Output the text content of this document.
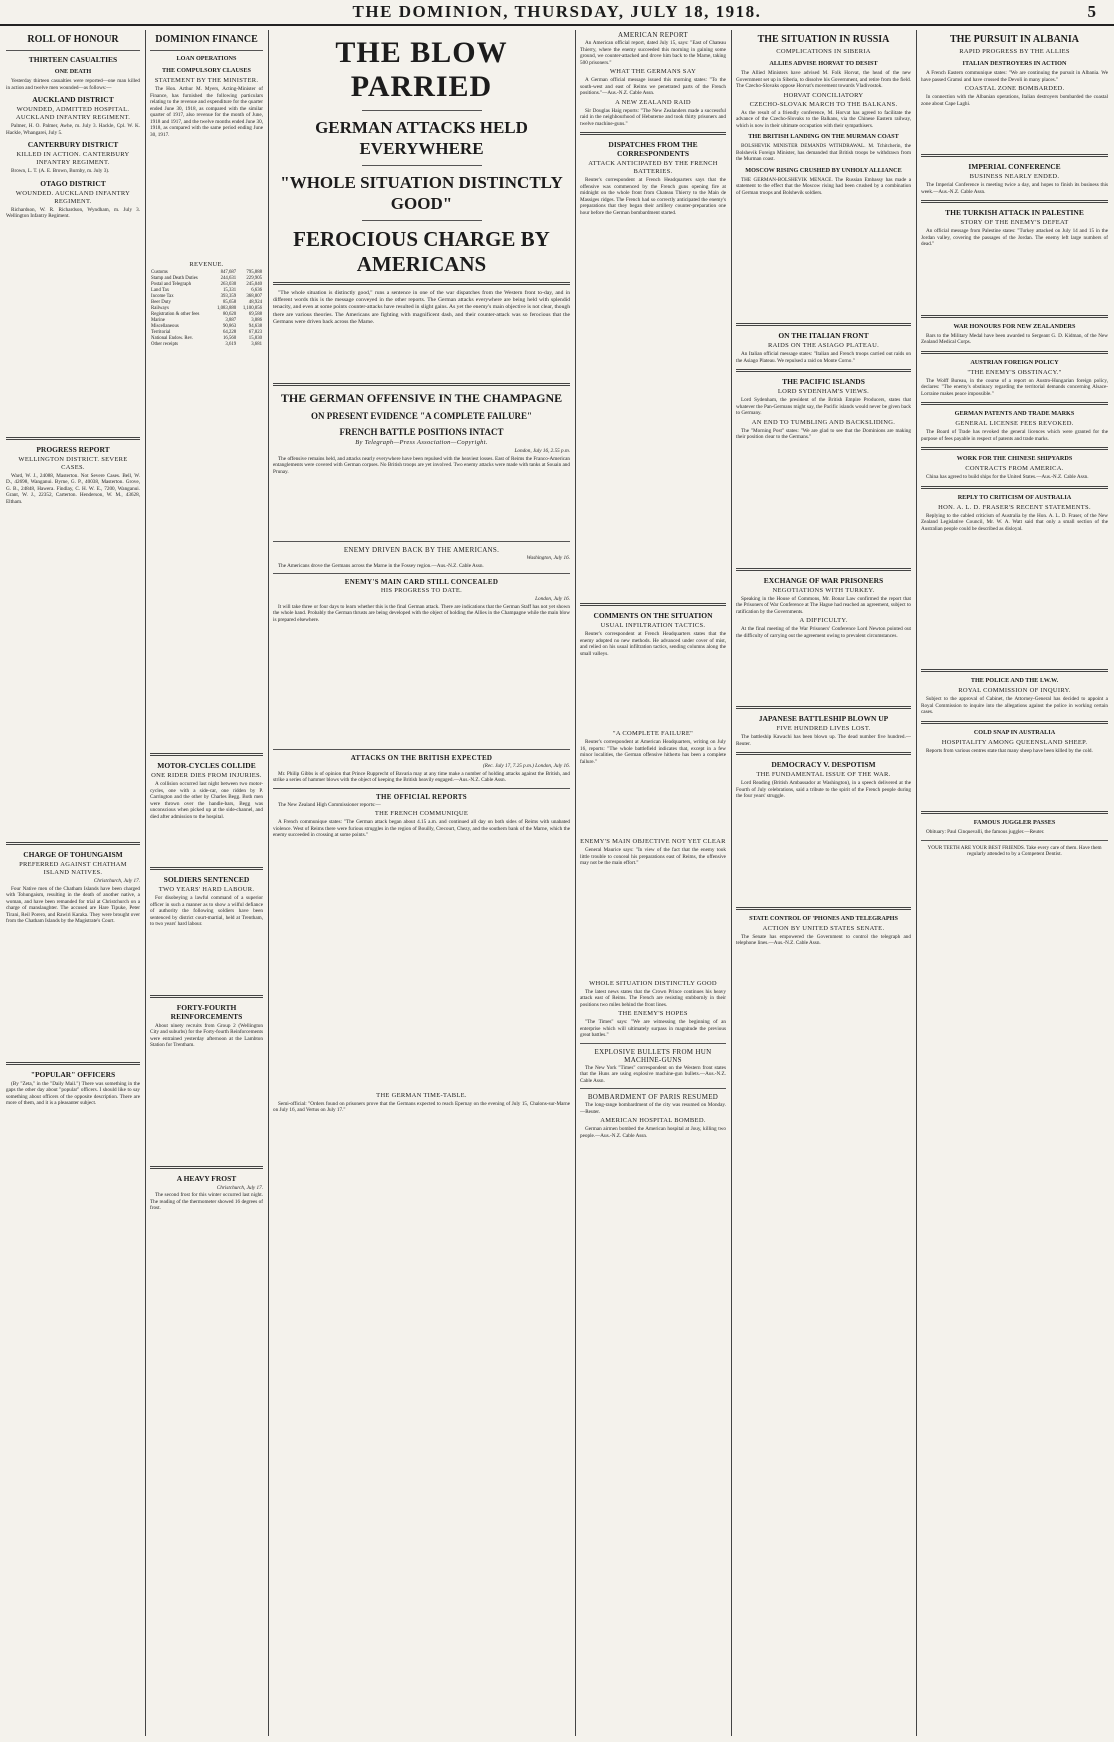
THE DOMINION, THURSDAY, JULY 18, 1918.	5
ROLL OF HONOUR
THIRTEEN CASUALTIES
ONE DEATH

Yesterday thirteen casualties were reported—one man killed in action and twelve men wounded—as follows:—

AUCKLAND DISTRICT
WOUNDED, ADMITTED HOSPITAL. AUCKLAND INFANTRY REGIMENT.

Palmer, H. O. Palmer, Awhe, m. July 3. Hackle, Cpl. W. K. Hackle, Whangarei, July 5.

CANTERBURY DISTRICT
KILLED IN ACTION. CANTERBURY INFANTRY REGIMENT.

Brown, L. T. (A. E. Brown, Burnby, m. July 3).

OTAGO DISTRICT
WOUNDED. AUCKLAND INFANTRY REGIMENT.

Richardson, W. R. Richardson, Wyndham, m. July 3. Wellington Infantry Regiment.

PROGRESS REPORT
WELLINGTON DISTRICT. SEVERE CASES.

Ward, W. J., 24088, Masterton. Not Severe Cases. Bell, W. D., 42698, Wanganui. Byrne, G. P., 40038, Masterton. Grove, G. B., 24848, Hawera. Findlay, C. H. W. E., 7200, Wanganui. Grant, W. J., 22352, Carterton. Henderson, W. M., 43628, Eltham.

CHARGE OF TOHUNGAISM
PREFERRED AGAINST CHATHAM ISLAND NATIVES.
Christchurch, July 17.

Four Native men of the Chatham Islands have been charged with Tohungaism, resulting in the death of another native, a woman, and have been remanded for trial at Christchurch on a charge of manslaughter. The accused are Hare Tipuke, Peter Tirani, Reil Porero, and Rawiri Karaka. They were brought over from the Chatham Islands by the Magistrate's Court.

"POPULAR" OFFICERS

(By "Zeta," in the "Daily Mail.") There was something in the gaps the other day about "popular" officers. I should like to say something about officers of the opposite description. There are more of them, and it is a pleasanter subject.

DOMINION FINANCE
LOAN OPERATIONS
THE COMPULSORY CLAUSES
STATEMENT BY THE MINISTER.

The Hon. Arthur M. Myers, Acting-Minister of Finance, has furnished the following particulars relating to the revenue and expenditure for the quarter ended June 30, 1918, as compared with the similar quarter of 1917, also revenue for the month of June, 1918 and 1917, and the twelve months ended June 30, 1918, as compared with the same period ending June 30, 1917.

REVENUE.
Customs	847,687	795,888
Stamp and Death Duties	244,631	229,905
Postal and Telegraph	263,030	245,040
Land Tax	15,331	6,636
Income Tax	393,359	368,807
Beer Duty	85,658	48,924
Railways	1,083,880	1,100,856
Registration & other fees	80,620	69,588
Marine	3,887	3,886
Miscellaneous	90,863	94,638
Territorial	64,228	67,823
National Endow. Rev.	16,560	15,830
Other receipts	3,619	3,681
MOTOR-CYCLES COLLIDE
ONE RIDER DIES FROM INJURIES.

A collision occurred last night between two motor-cycles, one with a side-car, one ridden by P. Carrington and the other by Charles Begg. Both men were thrown over the handle-bars, Begg was unconscious when picked up at the side-channel, and died after admission to the hospital.

SOLDIERS SENTENCED
TWO YEARS' HARD LABOUR.

For disobeying a lawful command of a superior officer in such a manner as to show a wilful defiance of authority the following soldiers have been sentenced by district court-martial, held at Trentham, to two years' hard labour.

FORTY-FOURTH REINFORCEMENTS

About ninety recruits from Group 2 (Wellington City and suburbs) for the Forty-fourth Reinforcements were entrained yesterday afternoon at the Lambton Station for Trentham.

A HEAVY FROST
Christchurch, July 17.

The second frost for this winter occurred last night. The reading of the thermometer showed 16 degrees of frost.

THE BLOW PARRIED
GERMAN ATTACKS HELD EVERYWHERE
"WHOLE SITUATION DISTINCTLY GOOD"
FEROCIOUS CHARGE BY AMERICANS

"The whole situation is distinctly good," runs a sentence in one of the war dispatches from the Western front to-day, and in different words this is the message conveyed in the other reports. The German attacks everywhere are being held with splendid tenacity, and even at some points counter-attacks have resulted in slight gains. As yet the enemy's main objective is not clear, though there are various theories. The Americans are fighting with magnificent dash, and their counter-attack was so ferocious that the Germans were driven back across the Marne.

THE GERMAN OFFENSIVE IN THE CHAMPAGNE
ON PRESENT EVIDENCE "A COMPLETE FAILURE"
FRENCH BATTLE POSITIONS INTACT
By Telegraph—Press Association—Copyright.
London, July 16, 2.55 p.m.

The offensive remains held, and attacks nearly everywhere have been repulsed with the heaviest losses. East of Reims the Franco-American entanglements were covered with German corpses. No British troops are yet involved. Two enemy attacks were made with tanks at Souain and Prunay.

ENEMY DRIVEN BACK BY THE AMERICANS.
Washington, July 16.

The Americans drove the Germans across the Marne in the Fossey region.—Aus.-N.Z. Cable Assn.

ENEMY'S MAIN CARD STILL CONCEALED
HIS PROGRESS TO DATE.
London, July 16.

It will take three or four days to learn whether this is the final German attack. There are indications that the German Staff has not yet shown the whole hand. Probably the German thrusts are being developed with the object of holding the Allies in the Champagne while the main blow is prepared elsewhere.

ATTACKS ON THE BRITISH EXPECTED
(Rec. July 17, 7.25 p.m.) London, July 16.

Mr. Philip Gibbs is of opinion that Prince Rupprecht of Bavaria may at any time make a number of holding attacks against the British, and strike a series of hammer blows with the object of keeping the British heavily engaged.—Aus.-N.Z. Cable Assn.

THE OFFICIAL REPORTS

The New Zealand High Commissioner reports:—

THE FRENCH COMMUNIQUE

A French communique states: "The German attack began about 4.15 a.m. and continued all day on both sides of Reims with unabated violence. West of Reims there were furious struggles in the region of Bouilly, Crecourt, Chezy, and the southern bank of the Marne, which the enemy succeeded in crossing at some points."

THE GERMAN TIME-TABLE.

Semi-official: "Orders found on prisoners prove that the Germans expected to reach Epernay on the evening of July 15, Chalons-sur-Marne on July 16, and Vertus on July 17."

AMERICAN REPORT

An American official report, dated July 15, says: "East of Chateau Thierry, where the enemy succeeded this morning in gaining some ground, we counter-attacked and drove him back to the Marne, taking 500 prisoners."

WHAT THE GERMANS SAY

A German official message issued this morning states: "To the south-west and east of Reims we penetrated parts of the French positions."—Aus.-N.Z. Cable Assn.

A NEW ZEALAND RAID

Sir Douglas Haig reports: "The New Zealanders made a successful raid in the neighbourhood of Hebuterne and took thirty prisoners and twelve machine-guns."

DISPATCHES FROM THE CORRESPONDENTS
ATTACK ANTICIPATED BY THE FRENCH BATTERIES.

Reuter's correspondent at French Headquarters says that the offensive was commenced by the French guns opening fire at midnight on the whole front from Chateau Thierry to the Main de Massiges ridges. The French had so correctly anticipated the enemy's preparations that they began their artillery counter-preparation one hour before the German bombardment started.

COMMENTS ON THE SITUATION
USUAL INFILTRATION TACTICS.

Reuter's correspondent at French Headquarters states that the enemy adopted no new methods. He advanced under cover of mist, and relied on his usual infiltration tactics, sending columns along the small valleys.

"A COMPLETE FAILURE"

Reuter's correspondent at American Headquarters, writing on July 16, reports: "The whole battlefield indicates that, except in a few minor localities, the German offensive hitherto has been a complete failure."

ENEMY'S MAIN OBJECTIVE NOT YET CLEAR

General Maurice says: "In view of the fact that the enemy took little trouble to conceal his preparations east of Reims, the offensive may not be the main effort."

WHOLE SITUATION DISTINCTLY GOOD

The latest news states that the Crown Prince continues his heavy attack east of Reims. The French are resisting stubbornly in their positions two miles behind the front lines.

THE ENEMY'S HOPES

"The Times" says: "We are witnessing the beginning of an enterprise which will ultimately surpass in magnitude the previous great battles."

EXPLOSIVE BULLETS FROM HUN MACHINE-GUNS

The New York "Times" correspondent on the Western front states that the Huns are using explosive machine-gun bullets.—Aus.-N.Z. Cable Assn.

BOMBARDMENT OF PARIS RESUMED

The long-range bombardment of the city was resumed on Monday.—Reuter.

AMERICAN HOSPITAL BOMBED.

German airmen bombed the American hospital at Jouy, killing two people.—Aus.-N.Z. Cable Assn.

THE SITUATION IN RUSSIA
COMPLICATIONS IN SIBERIA
ALLIES ADVISE HORVAT TO DESIST

The Allied Ministers have advised M. Folk Horvat, the head of the new Government set up in Siberia, to dissolve his Government, and retire from the field. The Czecho-Slovaks oppose Horvat's movement towards Vladivostok.

HORVAT CONCILIATORY
CZECHO-SLOVAK MARCH TO THE BALKANS.

As the result of a friendly conference, M. Horvat has agreed to facilitate the advance of the Czecho-Slovaks to the Balkans, via the Chinese Eastern railway, which is now in their ultimate occupation with their sympathisers.

THE BRITISH LANDING ON THE MURMAN COAST

BOLSHEVIK MINISTER DEMANDS WITHDRAWAL. M. Tchitcherin, the Bolshevik Foreign Minister, has demanded that British troops be withdrawn from the Murman coast.

MOSCOW RISING CRUSHED BY UNHOLY ALLIANCE

THE GERMAN-BOLSHEVIK MENACE. The Russian Embassy has made a statement to the effect that the Moscow rising had been crushed by a combination of German troops and Bolshevik soldiers.

ON THE ITALIAN FRONT
RAIDS ON THE ASIAGO PLATEAU.

An Italian official message states: "Italian and French troops carried out raids on the Asiago Plateau. We repulsed a raid on Monte Corno."

THE PACIFIC ISLANDS
LORD SYDENHAM'S VIEWS.

Lord Sydenham, the president of the British Empire Producers, states that whatever the Pan-Germans might say, the Pacific islands would never be given back to Germany.

AN END TO TUMBLING AND BACKSLIDING.

The "Morning Post" states: "We are glad to see that the Dominions are making their position clear to the Germans."

EXCHANGE OF WAR PRISONERS
NEGOTIATIONS WITH TURKEY.

Speaking in the House of Commons, Mr. Bonar Law confirmed the report that the Prisoners of War Conference at The Hague had reached an agreement, subject to ratification by the Governments.

A DIFFICULTY.

At the final meeting of the War Prisoners' Conference Lord Newton pointed out the difficulty of carrying out the agreement owing to prevalent circumstances.

JAPANESE BATTLESHIP BLOWN UP
FIVE HUNDRED LIVES LOST.

The battleship Kawachi has been blown up. The dead number five hundred.—Reuter.

DEMOCRACY V. DESPOTISM
THE FUNDAMENTAL ISSUE OF THE WAR.

Lord Reading (British Ambassador at Washington), in a speech delivered at the Fourth of July celebrations, said a tribute to the spirit of the French people during the four years' struggle.

STATE CONTROL OF 'PHONES AND TELEGRAPHS
ACTION BY UNITED STATES SENATE.

The Senate has empowered the Government to control the telegraph and telephone lines.—Aus.-N.Z. Cable Assn.

THE PURSUIT IN ALBANIA
RAPID PROGRESS BY THE ALLIES
ITALIAN DESTROYERS IN ACTION

A French Eastern communique states: "We are continuing the pursuit in Albania. We have passed Gramsi and have crossed the Devoli in many places."

COASTAL ZONE BOMBARDED.

In connection with the Albanian operations, Italian destroyers bombarded the coastal zone about Cape Laghi.

IMPERIAL CONFERENCE
BUSINESS NEARLY ENDED.

The Imperial Conference is meeting twice a day, and hopes to finish its business this week.—Aus.-N.Z. Cable Assn.

THE TURKISH ATTACK IN PALESTINE
STORY OF THE ENEMY'S DEFEAT

An official message from Palestine states: "Turkey attacked on July 14 and 15 in the Jordan valley, covering the passages of the Jordan. The enemy left large numbers of dead."

WAR HONOURS FOR NEW ZEALANDERS

Bars to the Military Medal have been awarded to Sergeant G. D. Kidman, of the New Zealand Medical Corps.

AUSTRIAN FOREIGN POLICY
"THE ENEMY'S OBSTINACY."

The Wolff Bureau, in the course of a report on Austro-Hungarian foreign policy, declares: "The enemy's obstinacy regarding the territorial demands concerning Alsace-Lorraine makes peace impossible."

GERMAN PATENTS AND TRADE MARKS
GENERAL LICENSE FEES REVOKED.

The Board of Trade has revoked the general licences which were granted for the purpose of fees payable in respect of patents and trade marks.

WORK FOR THE CHINESE SHIPYARDS
CONTRACTS FROM AMERICA.

China has agreed to build ships for the United States.—Aus.-N.Z. Cable Assn.

REPLY TO CRITICISM OF AUSTRALIA
HON. A. L. D. FRASER'S RECENT STATEMENTS.

Replying to the cabled criticism of Australia by the Hon. A. L. D. Fraser, of the New Zealand Legislative Council, Mr. W. A. Watt said that only a small section of the Australian people could be described as disloyal.

THE POLICE AND THE I.W.W.
ROYAL COMMISSION OF INQUIRY.

Subject to the approval of Cabinet, the Attorney-General has decided to appoint a Royal Commission to inquire into the allegations against the police in working certain cases.

COLD SNAP IN AUSTRALIA
HOSPITALITY AMONG QUEENSLAND SHEEP.

Reports from various centres state that many sheep have been killed by the cold.

FAMOUS JUGGLER PASSES

Obituary: Paul Cinquevalli, the famous juggler.—Reuter.

YOUR TEETH ARE YOUR BEST FRIENDS. Take every care of them. Have them regularly attended to by a Competent Dentist.
